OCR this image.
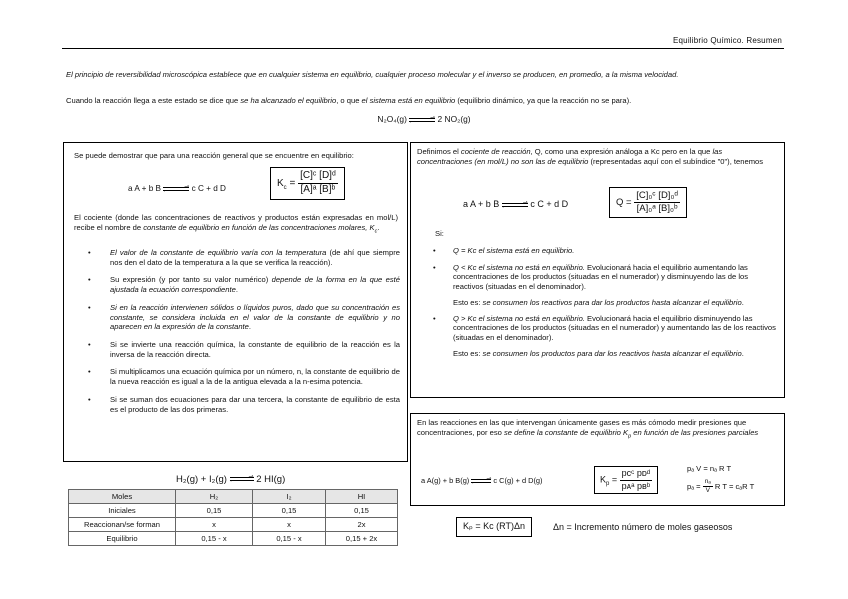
Equilibrio Químico. Resumen
El principio de reversibilidad microscópica establece que en cualquier sistema en equilibrio, cualquier proceso molecular y el inverso se producen, en promedio, a la misma velocidad.
Cuando la reacción llega a este estado se dice que se ha alcanzado el equilibrio, o que el sistema está en equilibrio (equilibrio dinámico, ya que la reacción no se para).
N₂O₄(g)	⇀
↽	2 NO₂(g)
Se puede demostrar que para una reacción general que se encuentre en equilibrio:
a A + b B	⇀
↽	c C + d D	$K_c = \frac{\text{[C]ᶜ [D]ᵈ}}{\text{[A]ᵃ [B]ᵇ}}$
El cociente (donde las concentraciones de reactivos y productos están expresadas en mol/L) recibe el nombre de constante de equilibrio en función de las concentraciones molares, $K_c$.
•	El valor de la constante de equilibrio varía con la temperatura (de ahí que siempre nos den el dato de la temperatura a la que se verifica la reacción).
•	Su expresión (y por tanto su valor numérico) depende de la forma en la que esté ajustada la ecuación correspondiente.
•	Si en la reacción intervienen sólidos o líquidos puros, dado que su concentración es constante, se considera incluida en el valor de la constante de equilibrio y no aparecen en la expresión de la constante.
•	Si se invierte una reacción química, la constante de equilibrio de la reacción es la inversa de la reacción directa.
•	Si multiplicamos una ecuación química por un número, n, la constante de equilibrio de la nueva reacción es igual a la de la antigua elevada a la n-esima potencia.
•	Si se suman dos ecuaciones para dar una tercera, la constante de equilibrio de esta es el producto de las dos primeras.
Definimos el cociente de reacción, Q, como una expresión análoga a Kc pero en la que las concentraciones (en mol/L) no son las de equilibrio (representadas aquí con el subíndice "0"), tenemos
a A + b B	⇀
↽	c C + d D	$Q = \frac{\text{[C]₀ᶜ [D]₀ᵈ}}{\text{[A]₀ᵃ [B]₀ᵇ}}$
Si:
• Q = Kc el sistema está en equilibrio.
• Q < Kc el sistema no está en equilibrio. Evolucionará hacia el equilibrio aumentando las concentraciones de los productos (situadas en el numerador) y disminuyendo las de los reactivos (situadas en el denominador).
Esto es: se consumen los reactivos para dar los productos hasta alcanzar el equilibrio.
• Q > Kc el sistema no está en equilibrio. Evolucionará hacia el equilibrio disminuyendo las concentraciones de los productos (situadas en el numerador) y aumentando las de los reactivos (situadas en el denominador).
Esto es: se consumen los productos para dar los reactivos hasta alcanzar el equilibrio.
En las reacciones en las que intervengan únicamente gases es más cómodo medir presiones que concentraciones, por eso se define la constante de equilibrio $K_p$ en función de las presiones parciales
a A(g) + b B(g)	⇀
↽ c C(g) + d D(g)	$K_p = \frac{\text{pᴄᶜ pᴅᵈ}}{\text{pᴀᵃ pʙᵇ}}$	pₐ V = nₐ R T
$p_a = \frac{\text{nₐ}}{V}$ R T = cₐR T
Kₚ = Kᴄ (RT)Δn	Δn = Incremento número de moles gaseosos
H₂(g) + I₂(g)	⇀
↽ 2 HI(g)
Moles	H₂	I₂	HI
Iniciales	0,15	0,15	0,15
Reaccionan/se forman	x	x	2x
Equilibrio	0,15 - x	0,15 - x	0,15 + 2x
